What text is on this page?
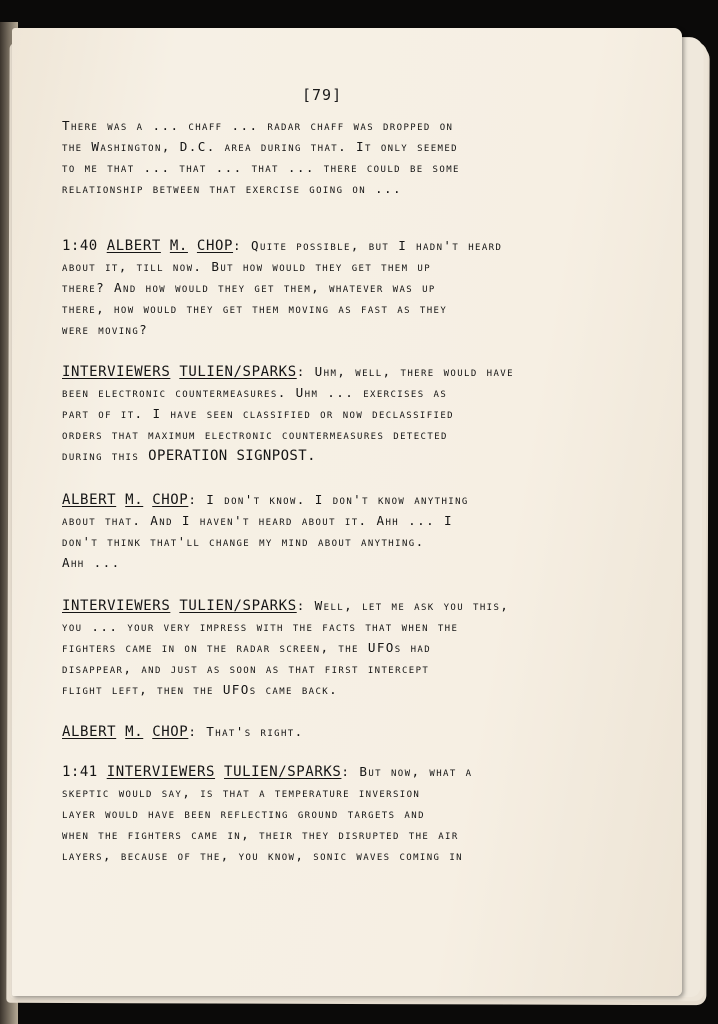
[79]
There was a ... chaff ... radar chaff was dropped on
the Washington, D.C. area during that. It only seemed
to me that ... that ... that ... there could be some
relationship between that exercise going on ...
1:40 ALBERT M. CHOP: Quite possible, but I hadn't heard
about it, till now. But how would they get them up
there? And how would they get them, whatever was up
there, how would they get them moving as fast as they
were moving?
INTERVIEWERS TULIEN/SPARKS: Uhm, well, there would have
been electronic countermeasures. Uhm ... exercises as
part of it. I have seen classified or now declassified
orders that maximum electronic countermeasures detected
during this OPERATION SIGNPOST.
ALBERT M. CHOP: I don't know. I don't know anything
about that. And I haven't heard about it. Ahh ... I
don't think that'll change my mind about anything.
Ahh ...
INTERVIEWERS TULIEN/SPARKS: Well, let me ask you this,
you ... your very impress with the facts that when the
fighters came in on the radar screen, the UFOs had
disappear, and just as soon as that first intercept
flight left, then the UFOs came back.
ALBERT M. CHOP: That's right.
1:41 INTERVIEWERS TULIEN/SPARKS: But now, what a
skeptic would say, is that a temperature inversion
layer would have been reflecting ground targets and
when the fighters came in, their they disrupted the air
layers, because of the, you know, sonic waves coming in
